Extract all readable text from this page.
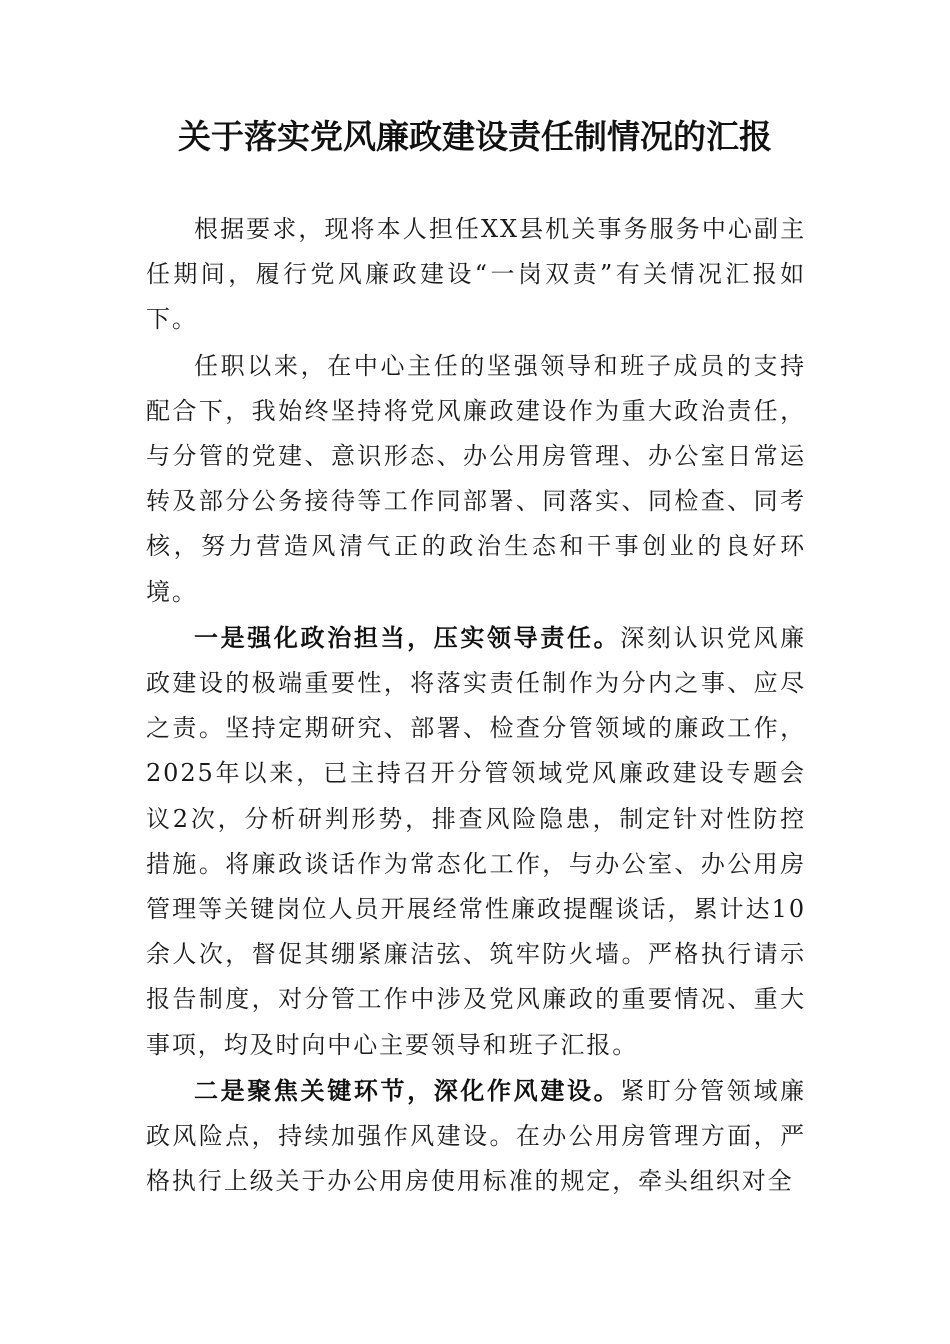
关于落实党风廉政建设责任制情况的汇报

根据要求，现将本人担任XX县机关事务服务中心副主任期间，履行党风廉政建设“一岗双责”有关情况汇报如下。

任职以来，在中心主任的坚强领导和班子成员的支持配合下，我始终坚持将党风廉政建设作为重大政治责任，与分管的党建、意识形态、办公用房管理、办公室日常运转及部分公务接待等工作同部署、同落实、同检查、同考核，努力营造风清气正的政治生态和干事创业的良好环境。

一是强化政治担当，压实领导责任。深刻认识党风廉政建设的极端重要性，将落实责任制作为分内之事、应尽之责。坚持定期研究、部署、检查分管领域的廉政工作，2025年以来，已主持召开分管领域党风廉政建设专题会议2次，分析研判形势，排查风险隐患，制定针对性防控措施。将廉政谈话作为常态化工作，与办公室、办公用房管理等关键岗位人员开展经常性廉政提醒谈话，累计达10余人次，督促其绷紧廉洁弦、筑牢防火墙。严格执行请示报告制度，对分管工作中涉及党风廉政的重要情况、重大事项，均及时向中心主要领导和班子汇报。

二是聚焦关键环节，深化作风建设。紧盯分管领域廉政风险点，持续加强作风建设。在办公用房管理方面，严格执行上级关于办公用房使用标准的规定，牵头组织对全
